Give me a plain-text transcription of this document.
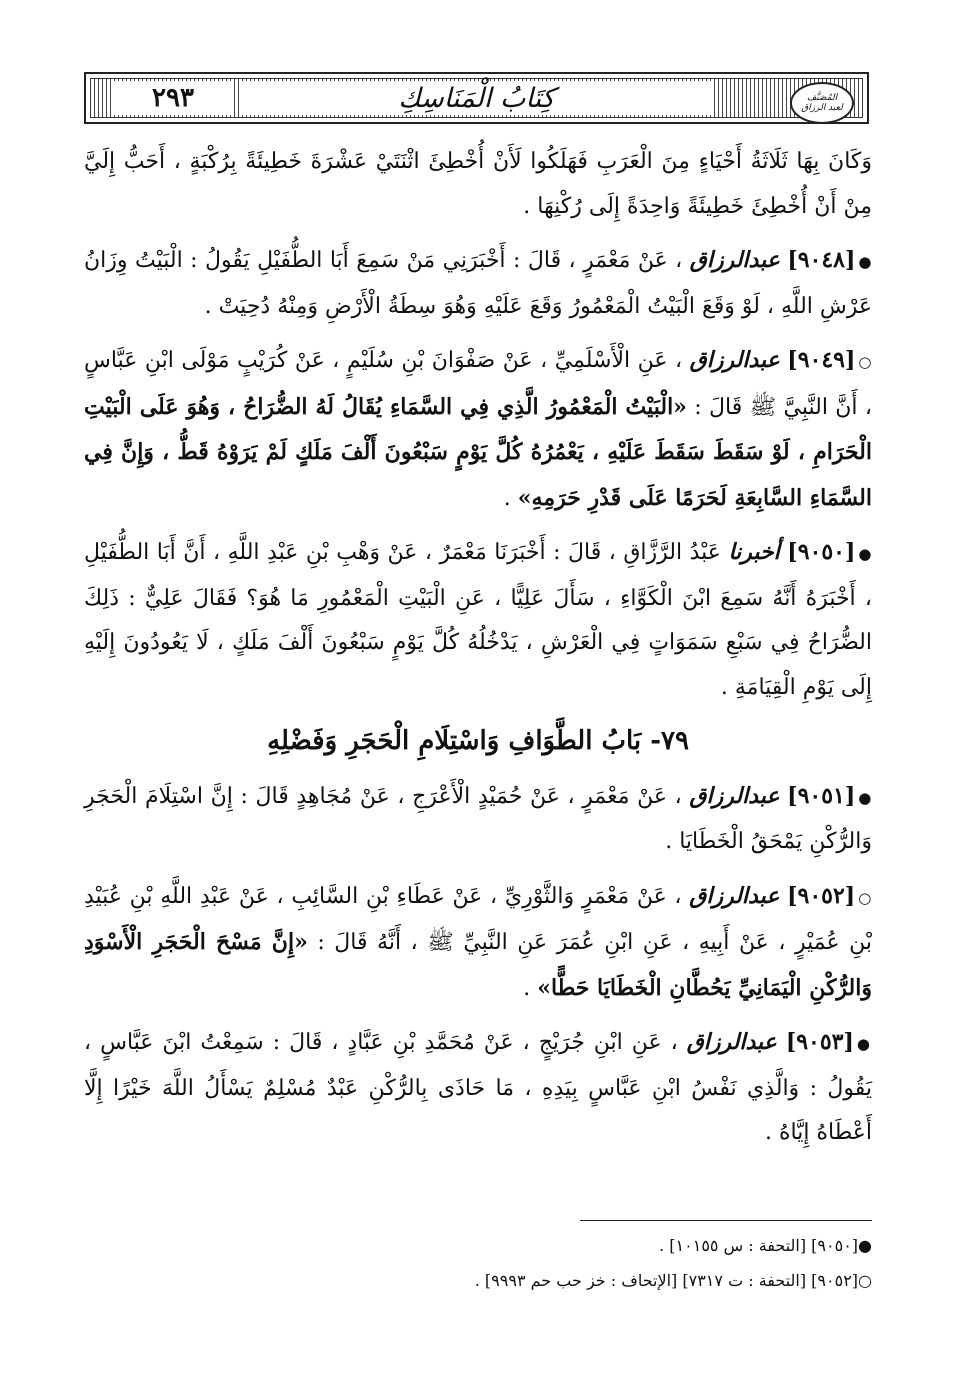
٢٩٣	كِتَابُ الْمَنَاسِكِ	المُصَنَّف
لعبد الرزاق

وَكَانَ بِهَا ثَلَاثَةُ أَحْيَاءٍ مِنَ الْعَرَبِ فَهَلَكُوا لَأَنْ أُخْطِئَ اثْنَتَيْ عَشْرَةَ خَطِيئَةً بِرُكْبَةٍ ، أَحَبُّ إِلَيَّ مِنْ أَنْ أُخْطِئَ خَطِيئَةً وَاحِدَةً إِلَى رُكْنِهَا .

●[٩٠٤٨] عبدالرزاق ، عَنْ مَعْمَرٍ ، قَالَ : أَخْبَرَنِي مَنْ سَمِعَ أَبَا الطُّفَيْلِ يَقُولُ : الْبَيْتُ وِزَانُ عَرْشِ اللَّهِ ، لَوْ وَقَعَ الْبَيْتُ الْمَعْمُورُ وَقَعَ عَلَيْهِ وَهُوَ سِطَةُ الْأَرْضِ وَمِنْهُ دُحِيَتْ .

○[٩٠٤٩] عبدالرزاق ، عَنِ الْأَسْلَمِيِّ ، عَنْ صَفْوَانَ بْنِ سُلَيْمٍ ، عَنْ كُرَيْبٍ مَوْلَى ابْنِ عَبَّاسٍ ، أَنَّ النَّبِيَّ ﷺ قَالَ : «الْبَيْتُ الْمَعْمُورُ الَّذِي فِي السَّمَاءِ يُقَالُ لَهُ الضُّرَاحُ ، وَهُوَ عَلَى الْبَيْتِ الْحَرَامِ ، لَوْ سَقَطَ سَقَطَ عَلَيْهِ ، يَعْمُرُهُ كُلَّ يَوْمٍ سَبْعُونَ أَلْفَ مَلَكٍ لَمْ يَرَوْهُ قَطُّ ، وَإِنَّ فِي السَّمَاءِ السَّابِعَةِ لَحَرَمًا عَلَى قَدْرِ حَرَمِهِ» .

●[٩٠٥٠] أخبرنا عَبْدُ الرَّزَّاقِ ، قَالَ : أَخْبَرَنَا مَعْمَرٌ ، عَنْ وَهْبِ بْنِ عَبْدِ اللَّهِ ، أَنَّ أَبَا الطُّفَيْلِ ، أَخْبَرَهُ أَنَّهُ سَمِعَ ابْنَ الْكَوَّاءِ ، سَأَلَ عَلِيًّا ، عَنِ الْبَيْتِ الْمَعْمُورِ مَا هُوَ؟ فَقَالَ عَلِيٌّ : ذَلِكَ الضُّرَاحُ فِي سَبْعِ سَمَوَاتٍ فِي الْعَرْشِ ، يَدْخُلُهُ كُلَّ يَوْمٍ سَبْعُونَ أَلْفَ مَلَكٍ ، لَا يَعُودُونَ إِلَيْهِ إِلَى يَوْمِ الْقِيَامَةِ .

٧٩- بَابُ الطَّوَافِ وَاسْتِلَامِ الْحَجَرِ وَفَضْلِهِ

●[٩٠٥١] عبدالرزاق ، عَنْ مَعْمَرٍ ، عَنْ حُمَيْدٍ الْأَعْرَجِ ، عَنْ مُجَاهِدٍ قَالَ : إِنَّ اسْتِلَامَ الْحَجَرِ وَالرُّكْنِ يَمْحَقُ الْخَطَايَا .

○[٩٠٥٢] عبدالرزاق ، عَنْ مَعْمَرٍ وَالثَّوْرِيِّ ، عَنْ عَطَاءِ بْنِ السَّائِبِ ، عَنْ عَبْدِ اللَّهِ بْنِ عُبَيْدِ بْنِ عُمَيْرٍ ، عَنْ أَبِيهِ ، عَنِ ابْنِ عُمَرَ عَنِ النَّبِيِّ ﷺ ، أَنَّهُ قَالَ : «إِنَّ مَسْحَ الْحَجَرِ الْأَسْوَدِ وَالرُّكْنِ الْيَمَانِيِّ يَحُطَّانِ الْخَطَايَا حَطًّا» .

●[٩٠٥٣] عبدالرزاق ، عَنِ ابْنِ جُرَيْجٍ ، عَنْ مُحَمَّدِ بْنِ عَبَّادٍ ، قَالَ : سَمِعْتُ ابْنَ عَبَّاسٍ ، يَقُولُ : وَالَّذِي نَفْسُ ابْنِ عَبَّاسٍ بِيَدِهِ ، مَا حَاذَى بِالرُّكْنِ عَبْدٌ مُسْلِمٌ يَسْأَلُ اللَّهَ خَيْرًا إِلَّا أَعْطَاهُ إِيَّاهُ .

●[٩٠٥٠] [التحفة : س ١٠١٥٥] .

○[٩٠٥٢] [التحفة : ت ٧٣١٧] [الإتحاف : خز حب حم ٩٩٩٣] .
